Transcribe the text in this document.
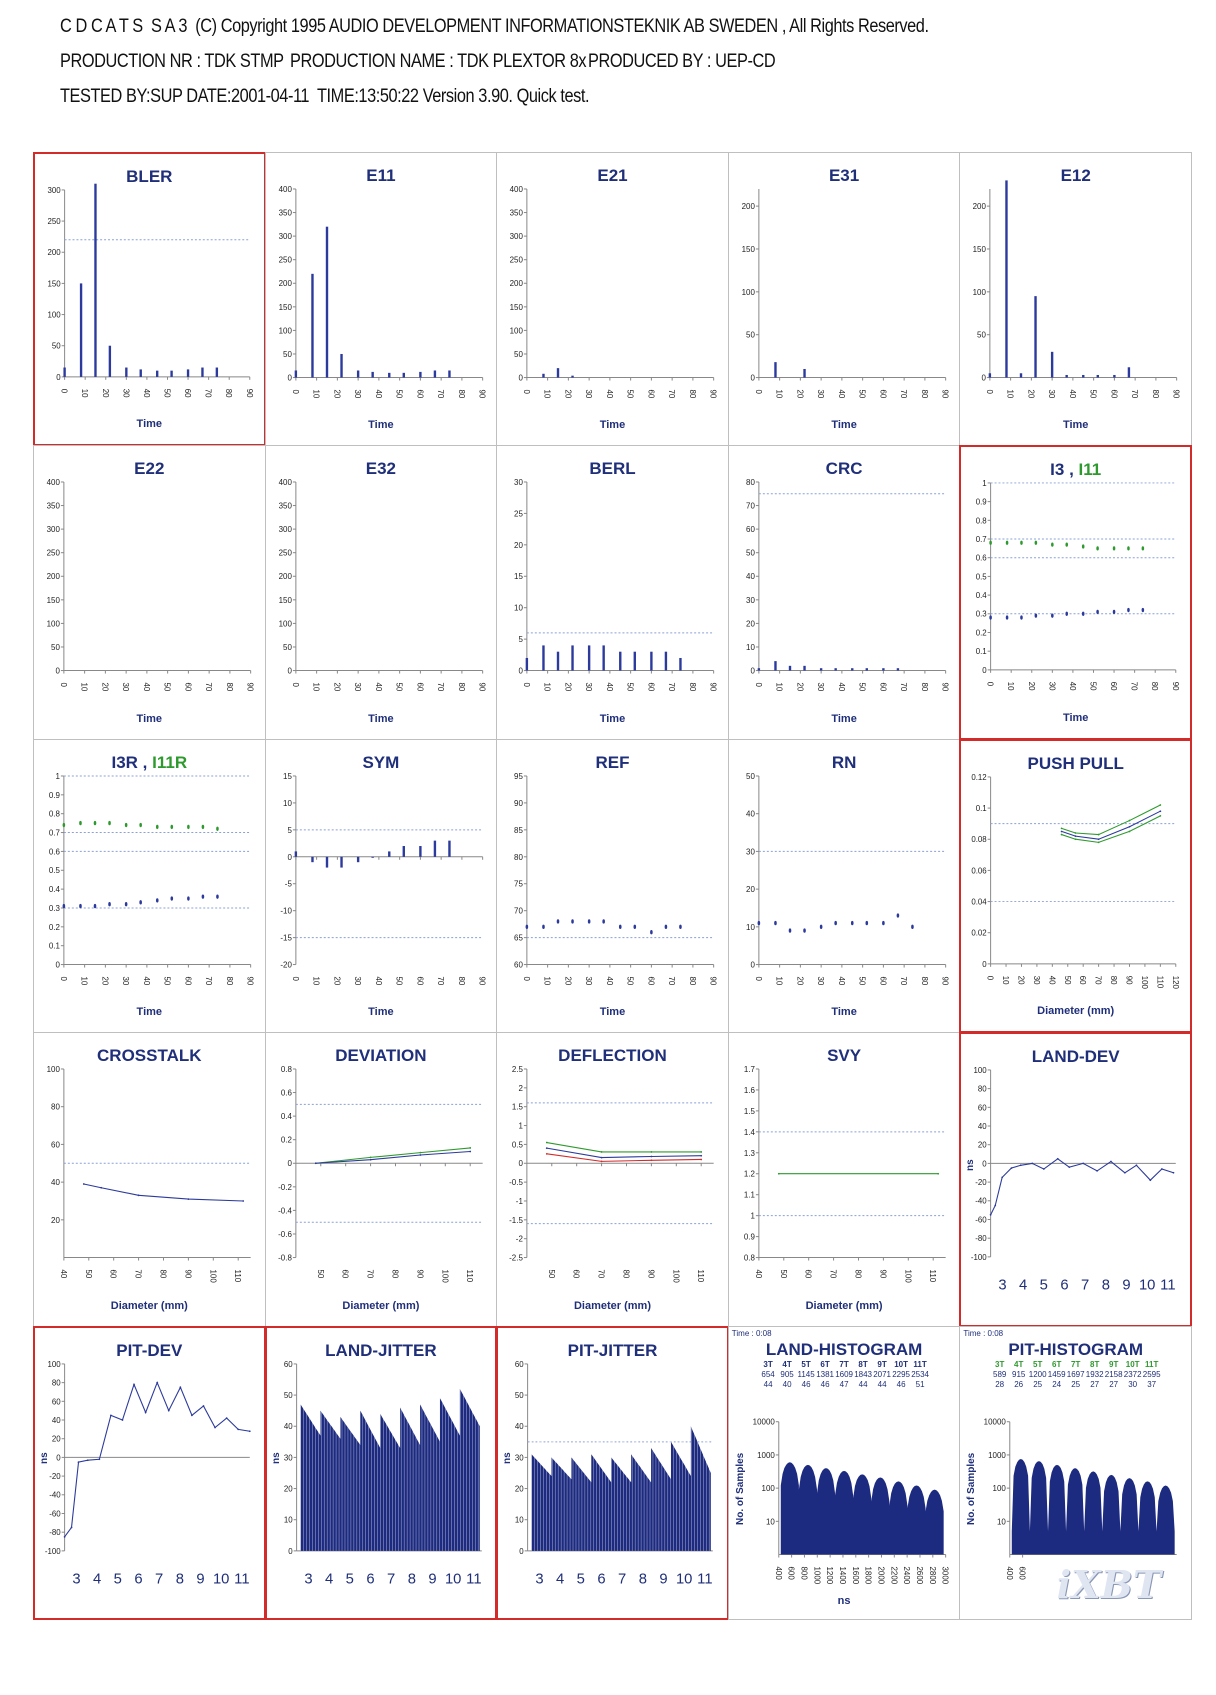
C D C A T S  S A 3  (C) Copyright 1995 AUDIO DEVELOPMENT INFORMATIONSTEKNIK AB SWEDEN , All Rights Reserved.
PRODUCTION NR : TDK STMP PRODUCTION NAME : TDK PLEXTOR 8x PRODUCED BY : UEP-CD
TESTED BY:SUP DATE:2001-04-11  TIME:13:50:22 Version 3.90. Quick test.
BLER
0
50
100
150
200
250
300
0 10 20 30 40 50 60 70 80 90
Time
E11
0
50
100
150
200
250
300
350
400
0 10 20 30 40 50 60 70 80 90
Time
E21
0
50
100
150
200
250
300
350
400
0 10 20 30 40 50 60 70 80 90
Time
E31
0
50
100
150
200
0 10 20 30 40 50 60 70 80 90
Time
E12
0
50
100
150
200
0 10 20 30 40 50 60 70 80 90
Time
E22
0
50
100
150
200
250
300
350
400
0 10 20 30 40 50 60 70 80 90
Time
E32
0
50
100
150
200
250
300
350
400
0 10 20 30 40 50 60 70 80 90
Time
BERL
0
5
10
15
20
25
30
0 10 20 30 40 50 60 70 80 90
Time
CRC
0
10
20
30
40
50
60
70
80
0 10 20 30 40 50 60 70 80 90
Time
I3 , I11
0
0.1
0.2
0.3
0.4
0.5
0.6
0.7
0.8
0.9
1
0 10 20 30 40 50 60 70 80 90
Time
I3R , I11R
0
0.1
0.2
0.3
0.4
0.5
0.6
0.7
0.8
0.9
1
0 10 20 30 40 50 60 70 80 90
Time
SYM
-20
-15
-10
-5
0
5
10
15
0 10 20 30 40 50 60 70 80 90
Time
REF
60
65
70
75
80
85
90
95
0 10 20 30 40 50 60 70 80 90
Time
RN
0
10
20
30
40
50
0 10 20 30 40 50 60 70 80 90
Time
PUSH PULL
0
0.02
0.04
0.06
0.08
0.1
0.12
0 10 20 30 40 50 60 70 80 90 100 110 120
Diameter (mm)
CROSSTALK
20
40
60
80
100
40 50 60 70 80 90 100 110
Diameter (mm)
DEVIATION
-0.8
-0.6
-0.4
-0.2
0
0.2
0.4
0.6
0.8
50 60 70 80 90 100 110
Diameter (mm)
DEFLECTION
-2.5
-2
-1.5
-1
-0.5
0
0.5
1
1.5
2
2.5
50 60 70 80 90 100 110
Diameter (mm)
SVY
0.8
0.9
1
1.1
1.2
1.3
1.4
1.5
1.6
1.7
40 50 60 70 80 90 100 110
Diameter (mm)
LAND-DEV
-100
-80
-60
-40
-20
0
20
40
60
80
100
3 4 5 6 7 8 9 10 11
ns
PIT-DEV
-100
-80
-60
-40
-20
0
20
40
60
80
100
3 4 5 6 7 8 9 10 11
ns
LAND-JITTER
0
10
20
30
40
50
60
3 4 5 6 7 8 9 10 11
ns
PIT-JITTER
0
10
20
30
40
50
60
3 4 5 6 7 8 9 10 11
ns
LAND-HISTOGRAM
10
100
1000
10000
400 600 800 1000 1200 1400 1600 1800 2000 2200 2400 2600 2800 3000
ns
No. of Samples
Time : 0:08
3T 4T 5T 6T 7T 8T 9T 10T 11T
654 905 1145 138116091843207122952534
44 40 46 46 47 44 44 46 51
PIT-HISTOGRAM
10
100
1000
10000
400 600
No. of Samples
Time : 0:08
3T 4T 5T 6T 7T 8T 9T 10T 11T
589 915 1200145916971932215823722595
28 26 25 24 25 27 27 30 37
iXBT
